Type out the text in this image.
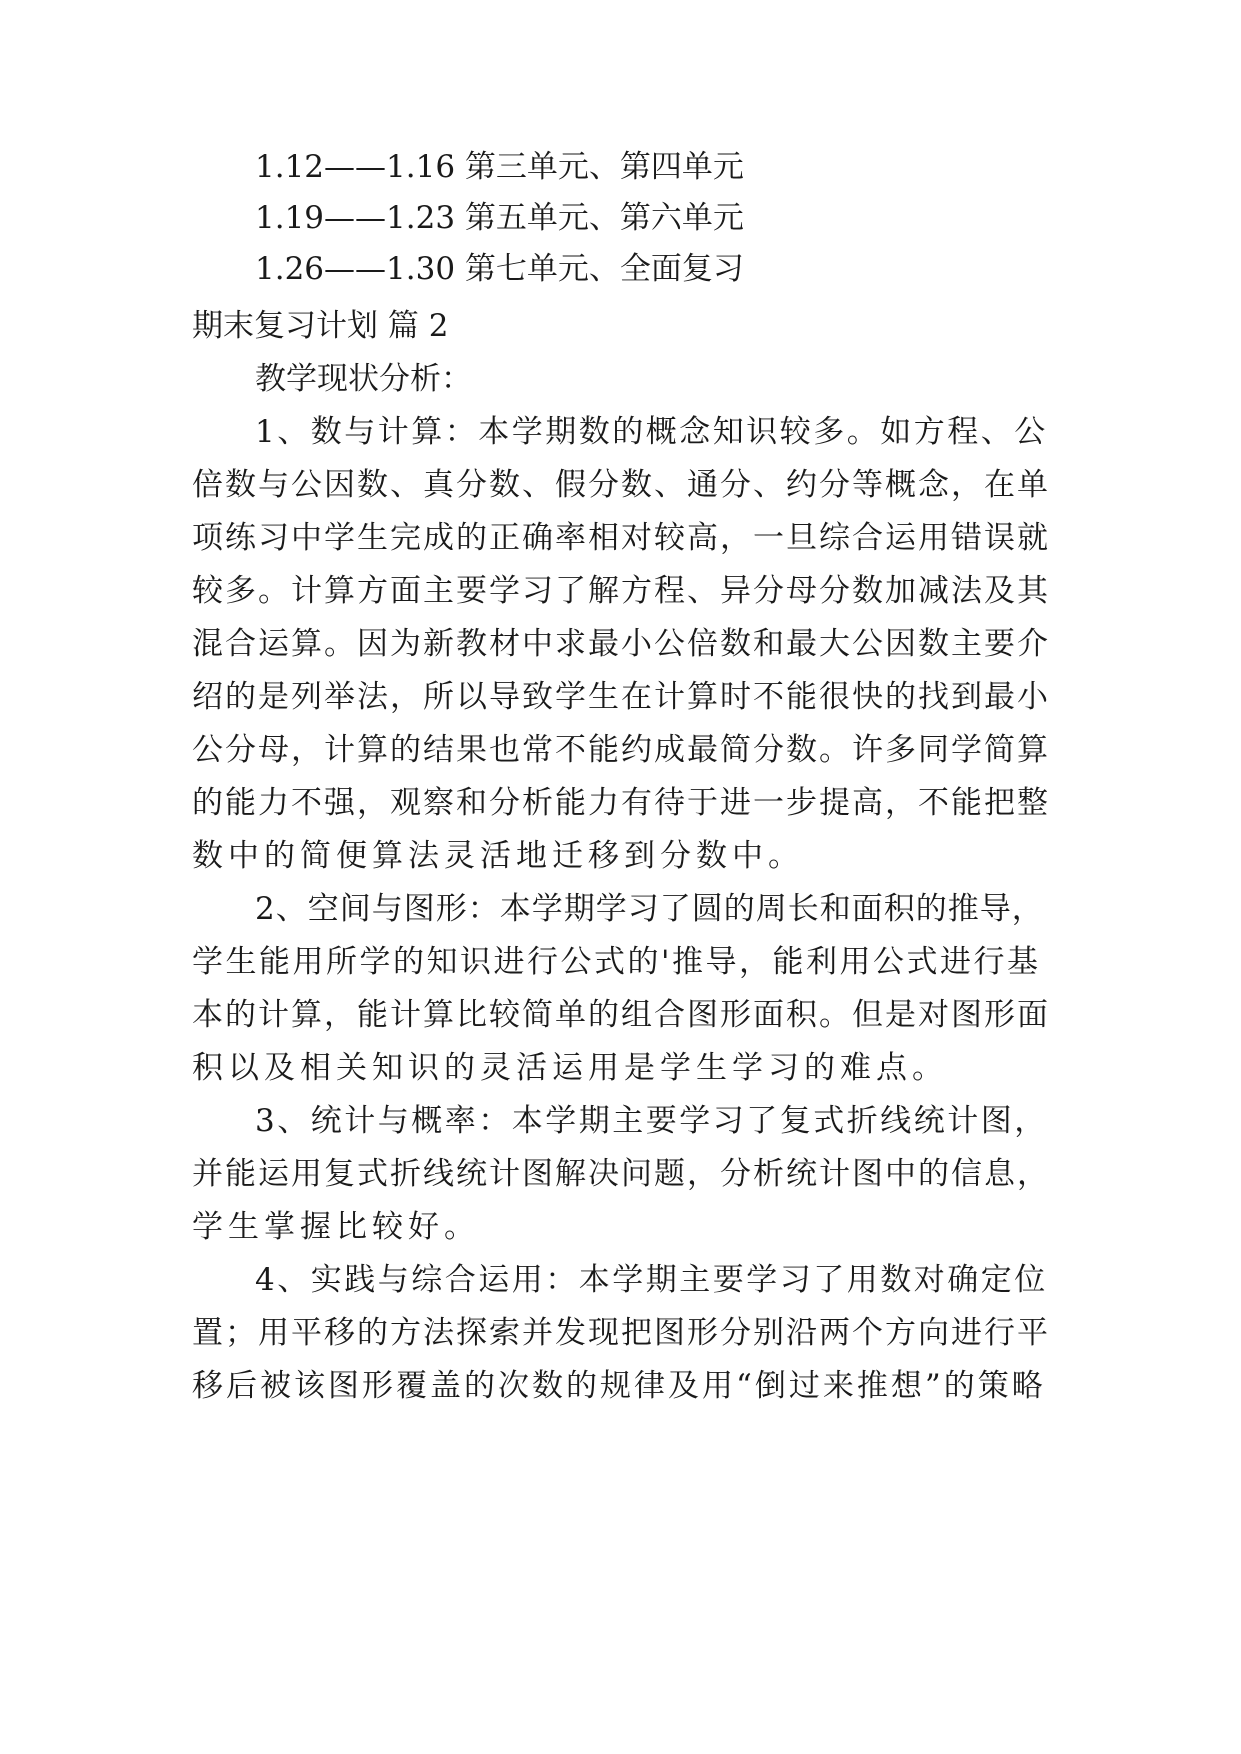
1.12——1.16 第三单元、第四单元
1.19——1.23 第五单元、第六单元
1.26——1.30 第七单元、全面复习
期末复习计划 篇 2
教学现状分析：
1、数与计算：本学期数的概念知识较多。如方程、公
倍数与公因数、真分数、假分数、通分、约分等概念，在单
项练习中学生完成的正确率相对较高，一旦综合运用错误就
较多。计算方面主要学习了解方程、异分母分数加减法及其
混合运算。因为新教材中求最小公倍数和最大公因数主要介
绍的是列举法，所以导致学生在计算时不能很快的找到最小
公分母，计算的结果也常不能约成最简分数。许多同学简算
的能力不强，观察和分析能力有待于进一步提高，不能把整
数中的简便算法灵活地迁移到分数中。
2、空间与图形：本学期学习了圆的周长和面积的推导，
学生能用所学的知识进行公式的'推导，能利用公式进行基
本的计算，能计算比较简单的组合图形面积。但是对图形面
积以及相关知识的灵活运用是学生学习的难点。
3、统计与概率：本学期主要学习了复式折线统计图，
并能运用复式折线统计图解决问题，分析统计图中的信息，
学生掌握比较好。
4、实践与综合运用：本学期主要学习了用数对确定位
置；用平移的方法探索并发现把图形分别沿两个方向进行平
移后被该图形覆盖的次数的规律及用“倒过来推想”的策略
